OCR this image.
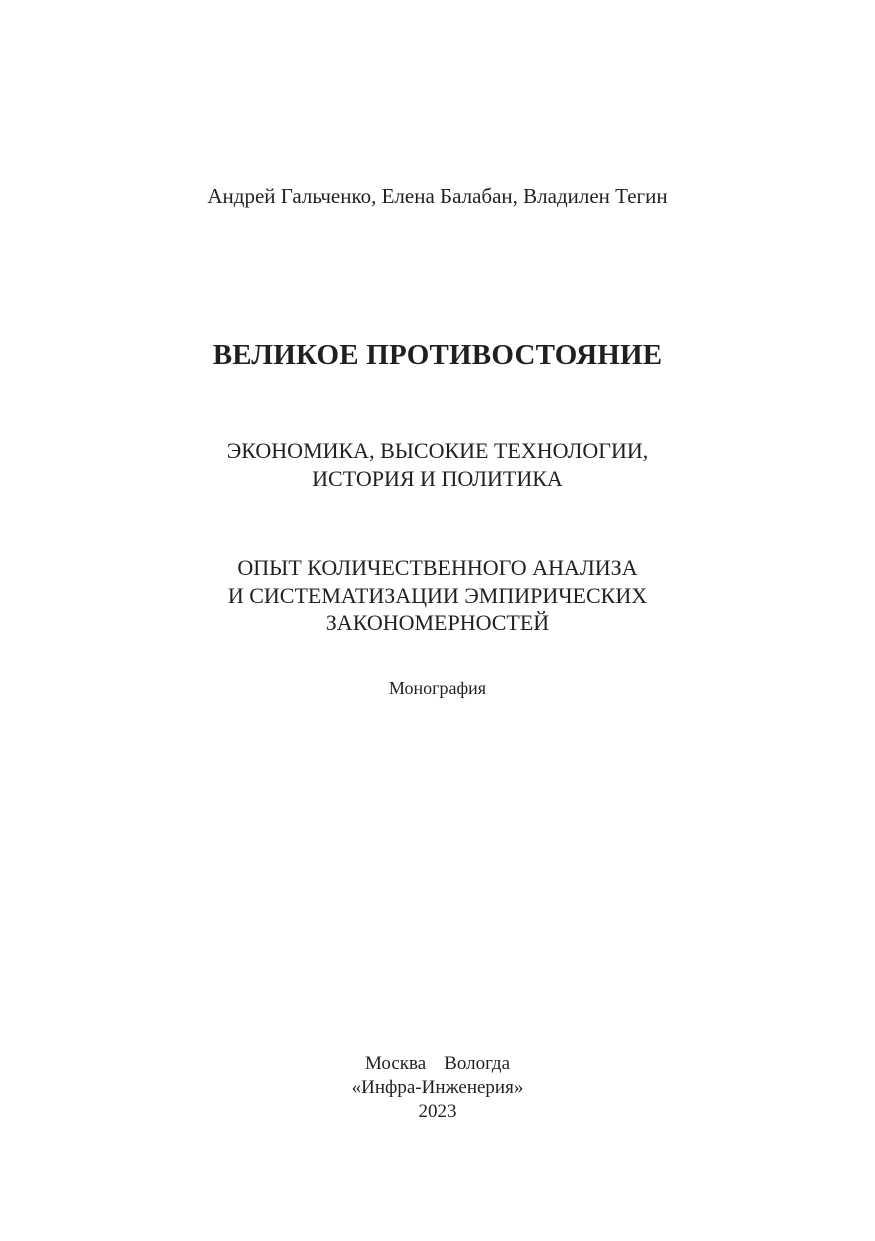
Андрей Гальченко, Елена Балабан, Владилен Тегин

ВЕЛИКОЕ ПРОТИВОСТОЯНИЕ

ЭКОНОМИКА, ВЫСОКИЕ ТЕХНОЛОГИИ,

ИСТОРИЯ И ПОЛИТИКА

ОПЫТ КОЛИЧЕСТВЕННОГО АНАЛИЗА

И СИСТЕМАТИЗАЦИИ ЭМПИРИЧЕСКИХ

ЗАКОНОМЕРНОСТЕЙ

Монография

Москва Вологда

«Инфра-Инженерия»

2023
